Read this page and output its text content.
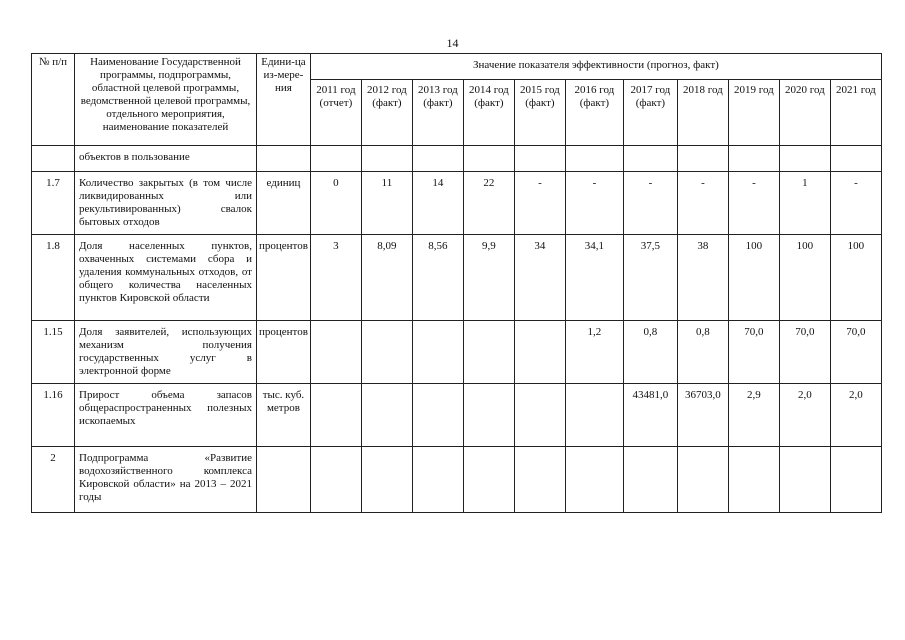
14
№ п/п	Наименование Государственной программы, подпрограммы, областной целевой программы, ведомственной целевой программы, отдельного мероприятия, наименование показателей	Едини-ца из-мере-ния	Значение показателя эффективности (прогноз, факт)										
			2011 год (отчет)	2012 год (факт)	2013 год (факт)	2014 год (факт)	2015 год (факт)	2016 год (факт)	2017 год (факт)	2018 год	2019 год	2020 год	2021 год
	объектов в пользование												
1.7	Количество закрытых (в том числе ликвидированных или рекультивированных) свалок бытовых отходов	единиц	0	11	14	22	-	-	-	-	-	1	-
1.8	Доля населенных пунктов, охваченных системами сбора и удаления коммунальных отходов, от общего количества населенных пунктов Кировской области	процентов	3	8,09	8,56	9,9	34	34,1	37,5	38	100	100	100
1.15	Доля заявителей, использующих механизм получения государственных услуг в электронной форме	процентов						1,2	0,8	0,8	70,0	70,0	70,0
1.16	Прирост объема запасов общераспространенных полезных ископаемых	тыс. куб. метров							43481,0	36703,0	2,9	2,0	2,0
2	Подпрограмма «Развитие водохозяйственного комплекса Кировской области» на 2013 – 2021 годы												
